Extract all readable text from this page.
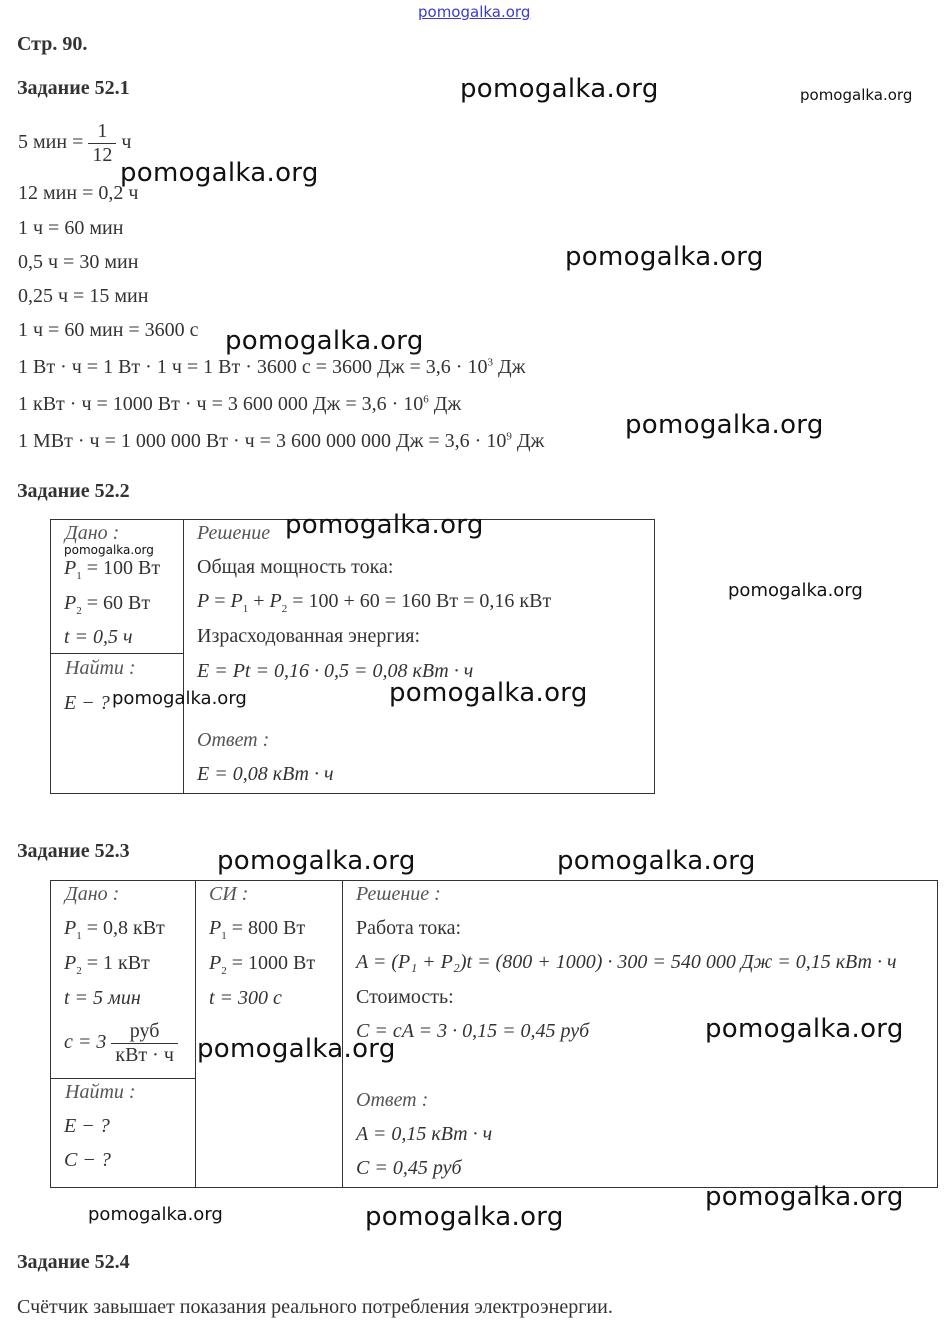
pomogalka.org
Стр. 90.
Задание 52.1	pomogalka.org	pomogalka.org
5 мин = $\frac{1}{12}$ ч
pomogalka.org
12 мин = 0,2 ч
1 ч = 60 мин
pomogalka.org
0,5 ч = 30 мин
0,25 ч = 15 мин
1 ч = 60 мин = 3600 с pomogalka.org
1 Вт · ч = 1 Вт · 1 ч = 1 Вт · 3600 с = 3600 Дж = $3,6 \cdot 10^3$ Дж
1 кВт · ч = 1000 Вт · ч = 3 600 000 Дж = $3,6 \cdot 10^6$ Дж
pomogalka.org
1 МВт · ч = 1 000 000 Вт · ч = 3 600 000 000 Дж = $3,6 \cdot 10^9$ Дж
Задание 52.2
Дано :
pomogalka.org
$P_1 = 100$ Вт
$P_2 = 60$ Вт
t = 0,5 ч
Найти :
E − ? pomogalka.org
Решение pomogalka.org
Общая мощность тока:
$P = P_1 + P_2 = 100 + 60 = 160$ Вт = 0,16 кВт
Израсходованная энергия:
E = Pt = 0,16 · 0,5 = 0,08 кВт · ч
pomogalka.org
Ответ :
E = 0,08 кВт · ч
pomogalka.org
Задание 52.3	pomogalka.org	pomogalka.org
Дано :
$P_1 = 0,8$ кВт
$P_2 = 1$ кВт
t = 5 мин
$c = 3 \frac{\text{руб}}{\text{кВт · ч}}$
Найти :
E − ?
C − ?
СИ :
$P_1 = 800$ Вт
$P_2 = 1000$ Вт
t = 300 с
pomogalka.org
Решение :
Работа тока:
A = (P₁ + P₂)t = (800 + 1000) · 300 = 540 000 Дж = 0,15 кВт · ч
Стоимость:
C = cA = 3 · 0,15 = 0,45 руб	pomogalka.org
Ответ :
A = 0,15 кВт · ч
C = 0,45 руб
pomogalka.org
pomogalka.org	pomogalka.org
Задание 52.4
Счётчик завышает показания реального потребления электроэнергии.
